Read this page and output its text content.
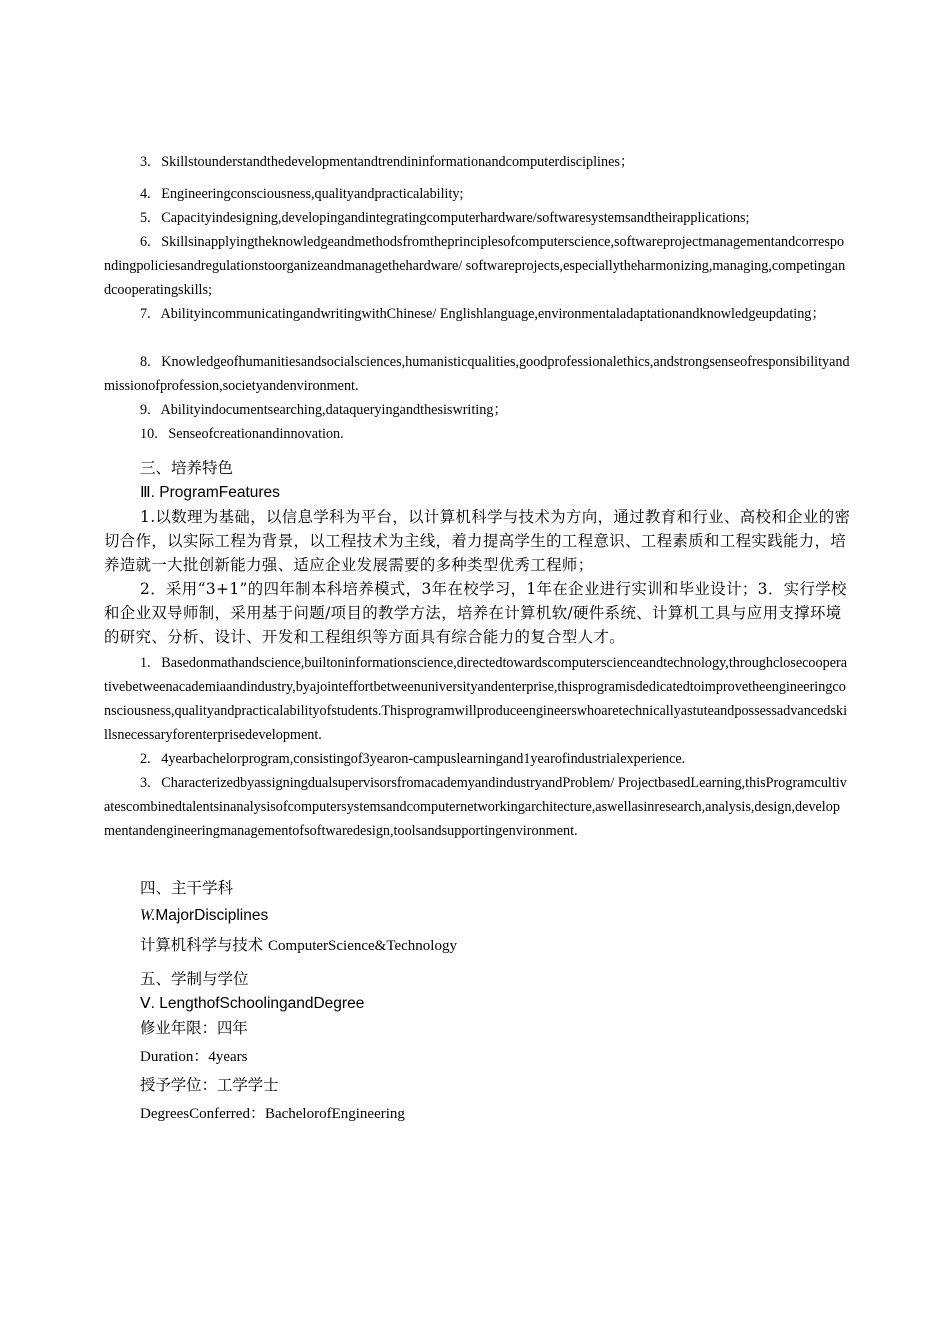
3.   Skillstounderstandthedevelopmentandtrendininformationandcomputerdisciplines；

4.   Engineeringconsciousness,qualityandpracticalability;

5.   Capacityindesigning,developingandintegratingcomputerhardware/softwaresystemsandtheirapplications;

6.   Skillsinapplyingtheknowledgeandmethodsfromtheprinciplesofcomputerscience,softwareprojectmanagementandcorrespondingpoliciesandregulationstoorganizeandmanagethehardware/ softwareprojects,especiallytheharmonizing,managing,competingandcooperatingskills;

7.   AbilityincommunicatingandwritingwithChinese/ Englishlanguage,environmentaladaptationandknowledgeupdating；

8.   Knowledgeofhumanitiesandsocialsciences,humanisticqualities,goodprofessionalethics,andstrongsenseofresponsibilityandmissionofprofession,societyandenvironment.

9.   Abilityindocumentsearching,dataqueryingandthesiswriting；

10.   Senseofcreationandinnovation.

三、培养特色

Ⅲ. ProgramFeatures

1.以数理为基础，以信息学科为平台，以计算机科学与技术为方向，通过教育和行业、高校和企业的密切合作，以实际工程为背景，以工程技术为主线，着力提高学生的工程意识、工程素质和工程实践能力，培养造就一大批创新能力强、适应企业发展需要的多种类型优秀工程师；

2．采用“3+1”的四年制本科培养模式，3年在校学习，1年在企业进行实训和毕业设计；3．实行学校和企业双导师制，采用基于问题/项目的教学方法，培养在计算机软/硬件系统、计算机工具与应用支撑环境的研究、分析、设计、开发和工程组织等方面具有综合能力的复合型人才。

1.   Basedonmathandscience,builtoninformationscience,directedtowardscomputerscienceandtechnology,throughclosecooperativebetweenacademiaandindustry,byajointeffortbetweenuniversityandenterprise,thisprogramisdedicatedtoimprovetheengineeringconsciousness,qualityandpracticalabilityofstudents.Thisprogramwillproduceengineerswhoaretechnicallyastuteandpossessadvancedskillsnecessaryforenterprisedevelopment.

2.   4yearbachelorprogram,consistingof3yearon-campuslearningand1yearofindustrialexperience.

3.   CharacterizedbyassigningdualsupervisorsfromacademyandindustryandProblem/ ProjectbasedLearning,thisProgramcultivatescombinedtalentsinanalysisofcomputersystemsandcomputernetworkingarchitecture,aswellasinresearch,analysis,design,developmentandengineeringmanagementofsoftwaredesign,toolsandsupportingenvironment.

四、主干学科

W.MajorDisciplines

计算机科学与技术 ComputerScience&Technology

五、学制与学位

Ⅴ. LengthofSchoolingandDegree

修业年限：四年

Duration：4years

授予学位：工学学士

DegreesConferred：BachelorofEngineering
